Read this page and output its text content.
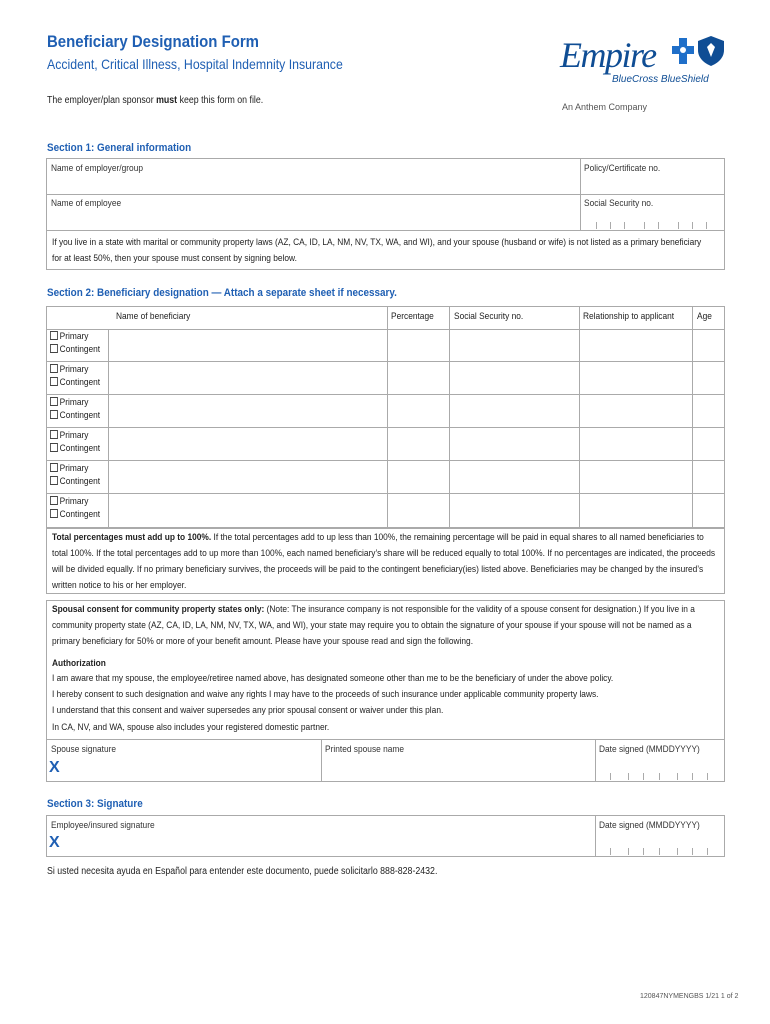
Beneficiary Designation Form
Accident, Critical Illness, Hospital Indemnity Insurance
The employer/plan sponsor must keep this form on file.
Empire
BlueCross BlueShield
An Anthem Company
Section 1: General information
Name of employer/group	Policy/Certificate no.
Name of employee	Social Security no.
If you live in a state with marital or community property laws (AZ, CA, ID, LA, NM, NV, TX, WA, and WI), and your spouse (husband or wife) is not listed as a primary beneficiary for at least 50%, then your spouse must consent by signing below.
Section 2: Beneficiary designation — Attach a separate sheet if necessary.
Name of beneficiary	Percentage	Social Security no.	Relationship to applicant	Age
Primary
Contingent
Primary
Contingent
Primary
Contingent
Primary
Contingent
Primary
Contingent
Primary
Contingent
Total percentages must add up to 100%. If the total percentages add to up less than 100%, the remaining percentage will be paid in equal shares to all named beneficiaries to total 100%. If the total percentages add to up more than 100%, each named beneficiary’s share will be reduced equally to total 100%. If no percentages are indicated, the proceeds will be divided equally. If no primary beneficiary survives, the proceeds will be paid to the contingent beneficiary(ies) listed above. Beneficiaries may be changed by the insured’s written notice to his or her employer.
Spousal consent for community property states only: (Note: The insurance company is not responsible for the validity of a spouse consent for designation.) If you live in a community property state (AZ, CA, ID, LA, NM, NV, TX, WA, and WI), your state may require you to obtain the signature of your spouse if your spouse will not be named as a primary beneficiary for 50% or more of your benefit amount. Please have your spouse read and sign the following.
Authorization
I am aware that my spouse, the employee/retiree named above, has designated someone other than me to be the beneficiary of under the above policy.
I hereby consent to such designation and waive any rights I may have to the proceeds of such insurance under applicable community property laws.
I understand that this consent and waiver supersedes any prior spousal consent or waiver under this plan.
In CA, NV, and WA, spouse also includes your registered domestic partner.
Spouse signature
X
Printed spouse name	Date signed (MMDDYYYY)
Section 3: Signature
Employee/insured signature
X
Date signed (MMDDYYYY)
Si usted necesita ayuda en Español para entender este documento, puede solicitarlo 888-828-2432.
120847NYMENGBS 1/21 1 of 2
